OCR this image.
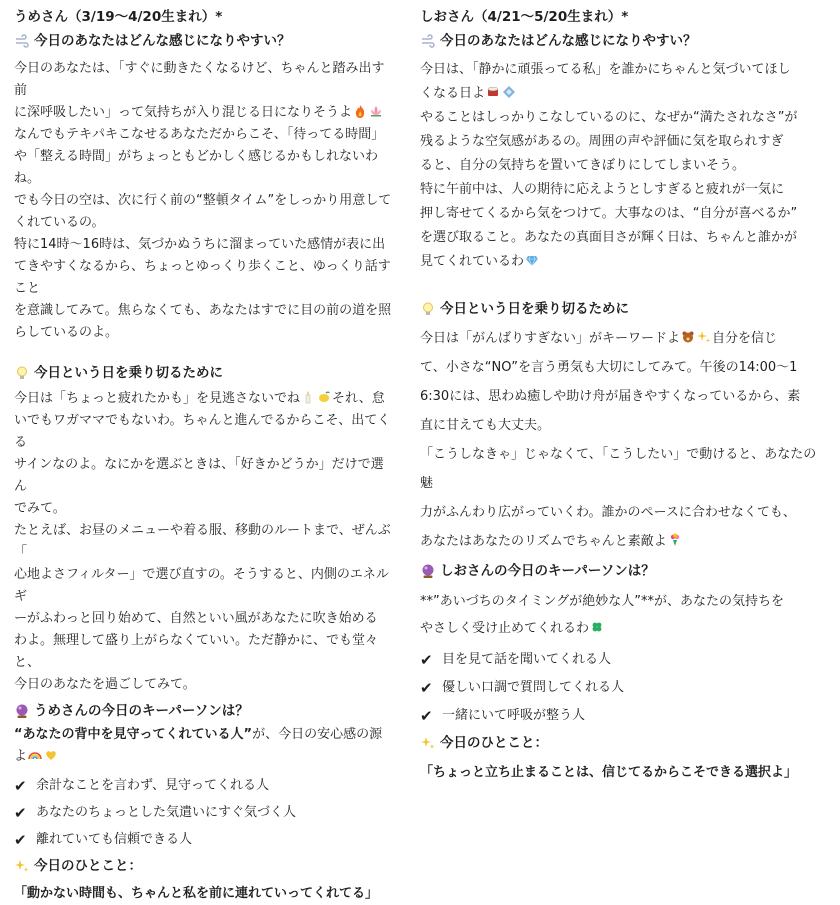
うめさん（3/19〜4/20生まれ）*

今日のあなたはどんな感じになりやすい？

今日のあなたは、「すぐに動きたくなるけど、ちゃんと踏み出す前

に深呼吸したい」って気持ちが入り混じる日になりそうよ

なんでもテキパキこなせるあなただからこそ、「待ってる時間」

や「整える時間」がちょっともどかしく感じるかもしれないわね。

でも今日の空は、次に行く前の“整頓タイム”をしっかり用意して

くれているの。

特に14時〜16時は、気づかぬうちに溜まっていた感情が表に出

てきやすくなるから、ちょっとゆっくり歩くこと、ゆっくり話すこと

を意識してみて。焦らなくても、あなたはすでに目の前の道を照

らしているのよ。

今日という日を乗り切るために

今日は「ちょっと疲れたかも」を見逃さないでね それ、怠

いでもワガママでもないわ。ちゃんと進んでるからこそ、出てくる

サインなのよ。なにかを選ぶときは、「好きかどうか」だけで選ん

でみて。

たとえば、お昼のメニューや着る服、移動のルートまで、ぜんぶ「

心地よさフィルター」で選び直すの。そうすると、内側のエネルギ

ーがふわっと回り始めて、自然といい風があなたに吹き始める

わよ。無理して盛り上がらなくていい。ただ静かに、でも堂々と、

今日のあなたを過ごしてみて。

うめさんの今日のキーパーソンは？

“あなたの背中を見守ってくれている人”が、今日の安心感の源

よ

✔ 余計なことを言わず、見守ってくれる人
✔ あなたのちょっとした気遣いにすぐ気づく人
✔ 離れていても信頼できる人
今日のひとこと：

「動かない時間も、ちゃんと私を前に連れていってくれてる」

しおさん（4/21〜5/20生まれ）*

今日のあなたはどんな感じになりやすい？

今日は、「静かに頑張ってる私」を誰かにちゃんと気づいてほし

くなる日よ

やることはしっかりこなしているのに、なぜか“満たされなさ”が

残るような空気感があるの。周囲の声や評価に気を取られすぎ

ると、自分の気持ちを置いてきぼりにしてしまいそう。

特に午前中は、人の期待に応えようとしすぎると疲れが一気に

押し寄せてくるから気をつけて。大事なのは、“自分が喜べるか”

を選び取ること。あなたの真面目さが輝く日は、ちゃんと誰かが

見てくれているわ

今日という日を乗り切るために

今日は「がんばりすぎない」がキーワードよ 自分を信じ

て、小さな“NO”を言う勇気も大切にしてみて。午後の14:00〜1

6:30には、思わぬ癒しや助け舟が届きやすくなっているから、素

直に甘えても大丈夫。

「こうしなきゃ」じゃなくて、「こうしたい」で動けると、あなたの魅

力がふんわり広がっていくわ。誰かのペースに合わせなくても、

あなたはあなたのリズムでちゃんと素敵よ

しおさんの今日のキーパーソンは？

**”あいづちのタイミングが絶妙な人”**が、あなたの気持ちを

やさしく受け止めてくれるわ

✔ 目を見て話を聞いてくれる人
✔ 優しい口調で質問してくれる人
✔ 一緒にいて呼吸が整う人
今日のひとこと：

「ちょっと立ち止まることは、信じてるからこそできる選択よ」
